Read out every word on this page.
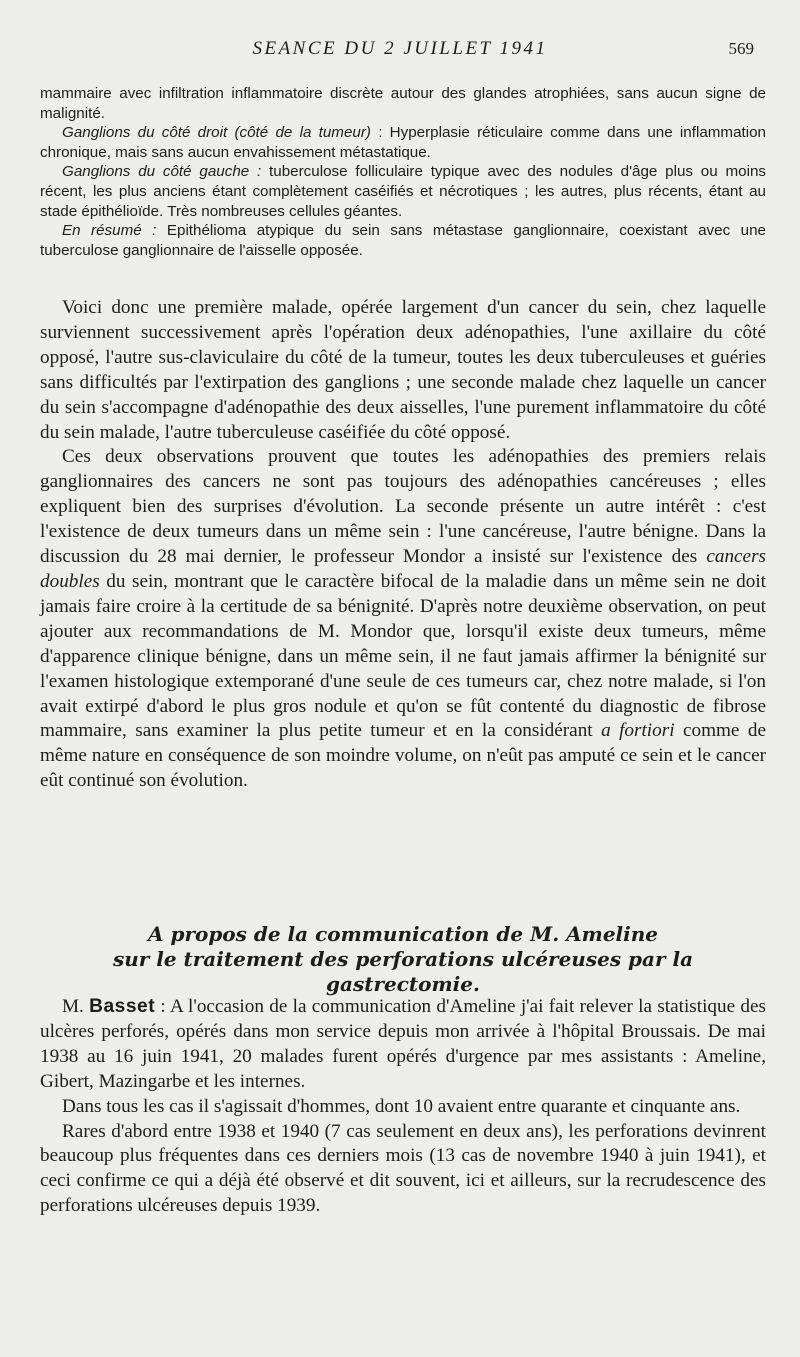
SEANCE DU 2 JUILLET 1941	569

mammaire avec infiltration inflammatoire discrète autour des glandes atrophiées, sans aucun signe de malignité.

Ganglions du côté droit (côté de la tumeur) : Hyperplasie réticulaire comme dans une inflammation chronique, mais sans aucun envahissement métastatique.

Ganglions du côté gauche : tuberculose folliculaire typique avec des nodules d'âge plus ou moins récent, les plus anciens étant complètement caséifiés et nécrotiques ; les autres, plus récents, étant au stade épithélioïde. Très nombreuses cellules géantes.

En résumé : Epithélioma atypique du sein sans métastase ganglionnaire, coexistant avec une tuberculose ganglionnaire de l'aisselle opposée.

Voici donc une première malade, opérée largement d'un cancer du sein, chez laquelle surviennent successivement après l'opération deux adénopathies, l'une axillaire du côté opposé, l'autre sus-claviculaire du côté de la tumeur, toutes les deux tuberculeuses et guéries sans difficultés par l'extirpation des ganglions ; une seconde malade chez laquelle un cancer du sein s'accompagne d'adénopathie des deux aisselles, l'une purement inflammatoire du côté du sein malade, l'autre tuberculeuse caséifiée du côté opposé.

Ces deux observations prouvent que toutes les adénopathies des premiers relais ganglionnaires des cancers ne sont pas toujours des adénopathies cancéreuses ; elles expliquent bien des surprises d'évolution. La seconde présente un autre intérêt : c'est l'existence de deux tumeurs dans un même sein : l'une cancéreuse, l'autre bénigne. Dans la discussion du 28 mai dernier, le professeur Mondor a insisté sur l'existence des cancers doubles du sein, montrant que le caractère bifocal de la maladie dans un même sein ne doit jamais faire croire à la certitude de sa bénignité. D'après notre deuxième observation, on peut ajouter aux recommandations de M. Mondor que, lorsqu'il existe deux tumeurs, même d'apparence clinique bénigne, dans un même sein, il ne faut jamais affirmer la bénignité sur l'examen histologique extemporané d'une seule de ces tumeurs car, chez notre malade, si l'on avait extirpé d'abord le plus gros nodule et qu'on se fût contenté du diagnostic de fibrose mammaire, sans examiner la plus petite tumeur et en la considérant a fortiori comme de même nature en conséquence de son moindre volume, on n'eût pas amputé ce sein et le cancer eût continué son évolution.

A propos de la communication de M. Ameline
sur le traitement des perforations ulcéreuses par la gastrectomie.

M. Basset : A l'occasion de la communication d'Ameline j'ai fait relever la statistique des ulcères perforés, opérés dans mon service depuis mon arrivée à l'hôpital Broussais. De mai 1938 au 16 juin 1941, 20 malades furent opérés d'urgence par mes assistants : Ameline, Gibert, Mazingarbe et les internes.

Dans tous les cas il s'agissait d'hommes, dont 10 avaient entre quarante et cinquante ans.

Rares d'abord entre 1938 et 1940 (7 cas seulement en deux ans), les perforations devinrent beaucoup plus fréquentes dans ces derniers mois (13 cas de novembre 1940 à juin 1941), et ceci confirme ce qui a déjà été observé et dit souvent, ici et ailleurs, sur la recrudescence des perforations ulcéreuses depuis 1939.
